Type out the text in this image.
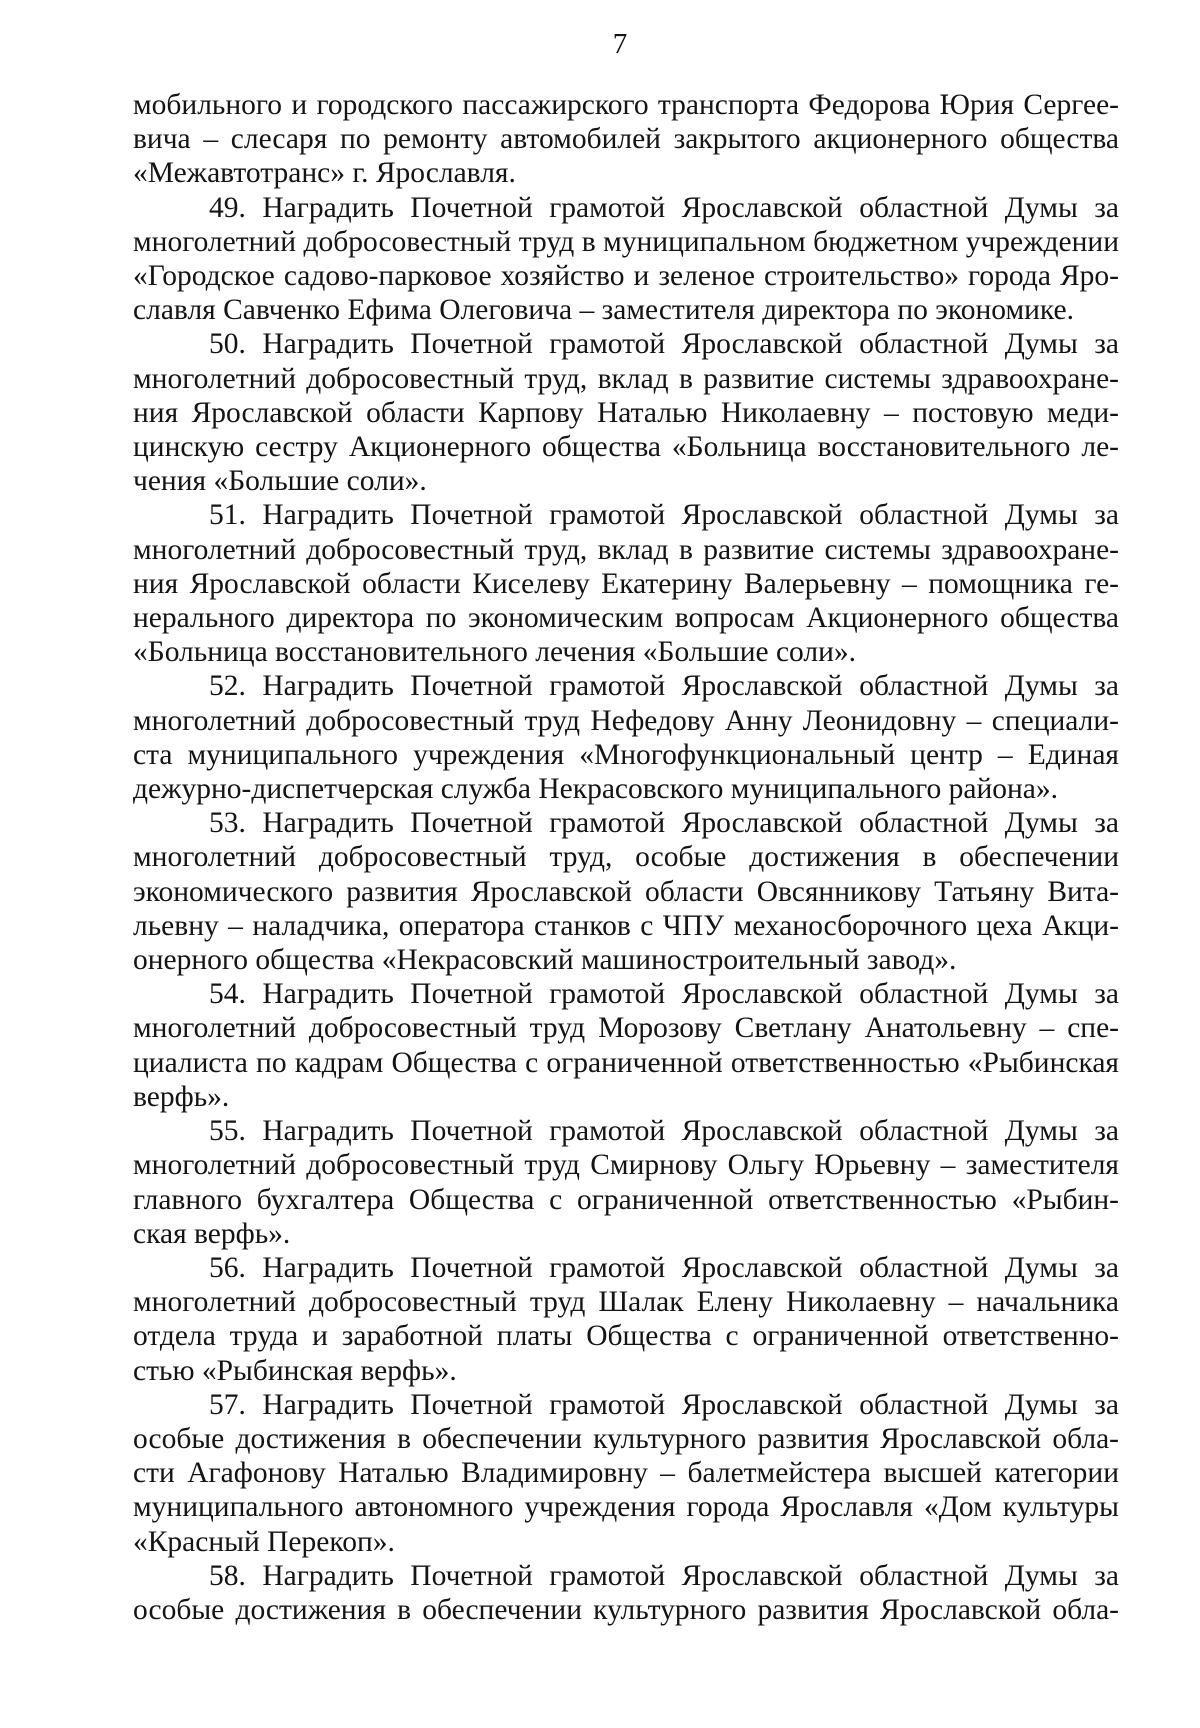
7
мобильного и городского пассажирского транспорта Федорова Юрия Сергее-
вича – слесаря по ремонту автомобилей закрытого акционерного общества
«Межавтотранс» г. Ярославля.
49. Наградить Почетной грамотой Ярославской областной Думы за
многолетний добросовестный труд в муниципальном бюджетном учреждении
«Городское садово-парковое хозяйство и зеленое строительство» города Яро-
славля Савченко Ефима Олеговича – заместителя директора по экономике.
50. Наградить Почетной грамотой Ярославской областной Думы за
многолетний добросовестный труд, вклад в развитие системы здравоохране-
ния Ярославской области Карпову Наталью Николаевну – постовую меди-
цинскую сестру Акционерного общества «Больница восстановительного ле-
чения «Большие соли».
51. Наградить Почетной грамотой Ярославской областной Думы за
многолетний добросовестный труд, вклад в развитие системы здравоохране-
ния Ярославской области Киселеву Екатерину Валерьевну – помощника ге-
нерального директора по экономическим вопросам Акционерного общества
«Больница восстановительного лечения «Большие соли».
52. Наградить Почетной грамотой Ярославской областной Думы за
многолетний добросовестный труд Нефедову Анну Леонидовну – специали-
ста муниципального учреждения «Многофункциональный центр – Единая
дежурно-диспетчерская служба Некрасовского муниципального района».
53. Наградить Почетной грамотой Ярославской областной Думы за
многолетний добросовестный труд, особые достижения в обеспечении
экономического развития Ярославской области Овсянникову Татьяну Вита-
льевну – наладчика, оператора станков с ЧПУ механосборочного цеха Акци-
онерного общества «Некрасовский машиностроительный завод».
54. Наградить Почетной грамотой Ярославской областной Думы за
многолетний добросовестный труд Морозову Светлану Анатольевну – спе-
циалиста по кадрам Общества с ограниченной ответственностью «Рыбинская
верфь».
55. Наградить Почетной грамотой Ярославской областной Думы за
многолетний добросовестный труд Смирнову Ольгу Юрьевну – заместителя
главного бухгалтера Общества с ограниченной ответственностью «Рыбин-
ская верфь».
56. Наградить Почетной грамотой Ярославской областной Думы за
многолетний добросовестный труд Шалак Елену Николаевну – начальника
отдела труда и заработной платы Общества с ограниченной ответственно-
стью «Рыбинская верфь».
57. Наградить Почетной грамотой Ярославской областной Думы за
особые достижения в обеспечении культурного развития Ярославской обла-
сти Агафонову Наталью Владимировну – балетмейстера высшей категории
муниципального автономного учреждения города Ярославля «Дом культуры
«Красный Перекоп».
58. Наградить Почетной грамотой Ярославской областной Думы за
особые достижения в обеспечении культурного развития Ярославской обла-
